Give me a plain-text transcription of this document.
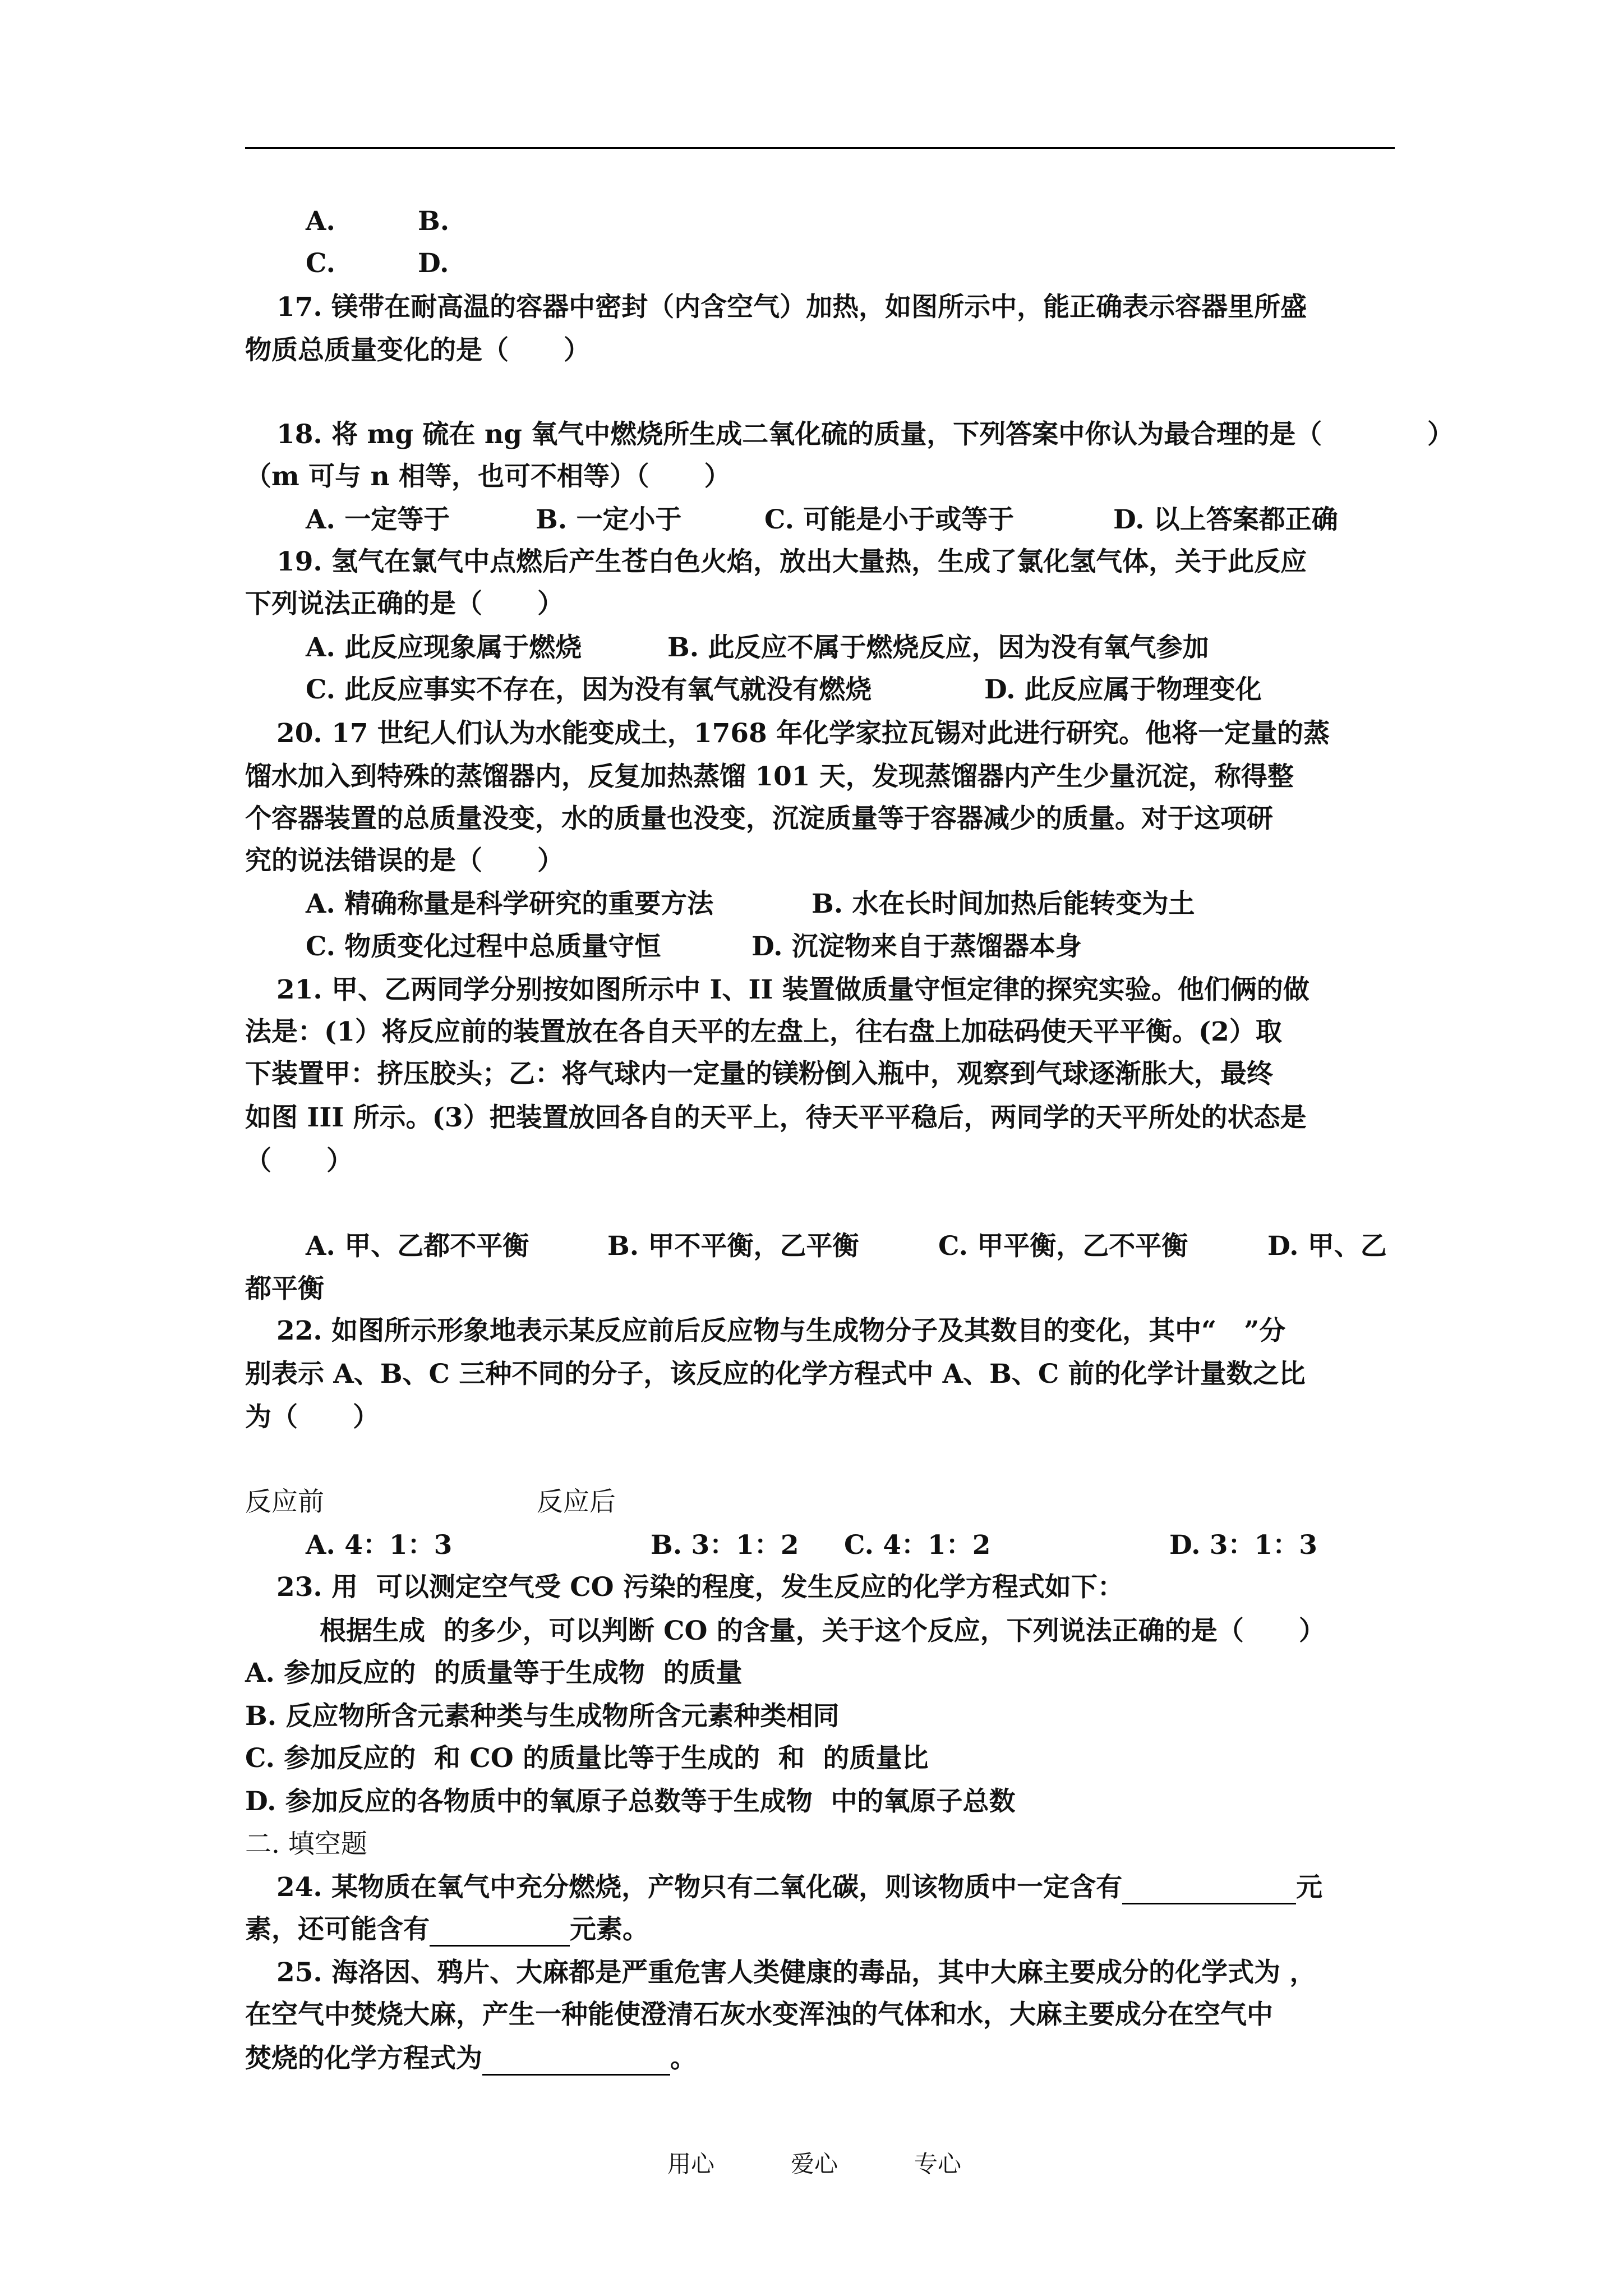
A.	B.
C.	D.
17. 镁带在耐高温的容器中密封（内含空气）加热，如图所示中，能正确表示容器里所盛
物质总质量变化的是（      ）
18. 将 mg 硫在 ng 氧气中燃烧所生成二氧化硫的质量，下列答案中你认为最合理的是（	）
（m 可与 n 相等，也可不相等）（      ）
A. 一定等于	B. 一定小于	C. 可能是小于或等于	D. 以上答案都正确
19. 氢气在氯气中点燃后产生苍白色火焰，放出大量热，生成了氯化氢气体，关于此反应
下列说法正确的是（      ）
A. 此反应现象属于燃烧	B. 此反应不属于燃烧反应，因为没有氧气参加
C. 此反应事实不存在，因为没有氧气就没有燃烧	D. 此反应属于物理变化
20. 17 世纪人们认为水能变成土，1768 年化学家拉瓦锡对此进行研究。他将一定量的蒸
馏水加入到特殊的蒸馏器内，反复加热蒸馏 101 天，发现蒸馏器内产生少量沉淀，称得整
个容器装置的总质量没变，水的质量也没变，沉淀质量等于容器减少的质量。对于这项研
究的说法错误的是（      ）
A. 精确称量是科学研究的重要方法	B. 水在长时间加热后能转变为土
C. 物质变化过程中总质量守恒	D. 沉淀物来自于蒸馏器本身
21. 甲、乙两同学分别按如图所示中 I、II 装置做质量守恒定律的探究实验。他们俩的做
法是：(1）将反应前的装置放在各自天平的左盘上，往右盘上加砝码使天平平衡。(2）取
下装置甲：挤压胶头；乙：将气球内一定量的镁粉倒入瓶中，观察到气球逐渐胀大，最终
如图 III 所示。(3）把装置放回各自的天平上，待天平平稳后，两同学的天平所处的状态是
（      ）
A. 甲、乙都不平衡	B. 甲不平衡，乙平衡	C. 甲平衡，乙不平衡	D. 甲、乙
都平衡
22. 如图所示形象地表示某反应前后反应物与生成物分子及其数目的变化，其中“   ”分
别表示 A、B、C 三种不同的分子，该反应的化学方程式中 A、B、C 前的化学计量数之比
为（      ）
反应前	反应后
A. 4：1：3	B. 3：1：2 C. 4：1：2	D. 3：1：3
23. 用  可以测定空气受 CO 污染的程度，发生反应的化学方程式如下：
根据生成  的多少，可以判断 CO 的含量，关于这个反应，下列说法正确的是（      ）
A. 参加反应的  的质量等于生成物  的质量
B. 反应物所含元素种类与生成物所含元素种类相同
C. 参加反应的  和 CO 的质量比等于生成的  和  的质量比
D. 参加反应的各物质中的氧原子总数等于生成物  中的氧原子总数
二. 填空题
24. 某物质在氧气中充分燃烧，产物只有二氧化碳，则该物质中一定含有	元
素，还可能含有	元素。
25. 海洛因、鸦片、大麻都是严重危害人类健康的毒品，其中大麻主要成分的化学式为 ，
在空气中焚烧大麻，产生一种能使澄清石灰水变浑浊的气体和水，大麻主要成分在空气中
焚烧的化学方程式为	。
用心	爱心	专心
